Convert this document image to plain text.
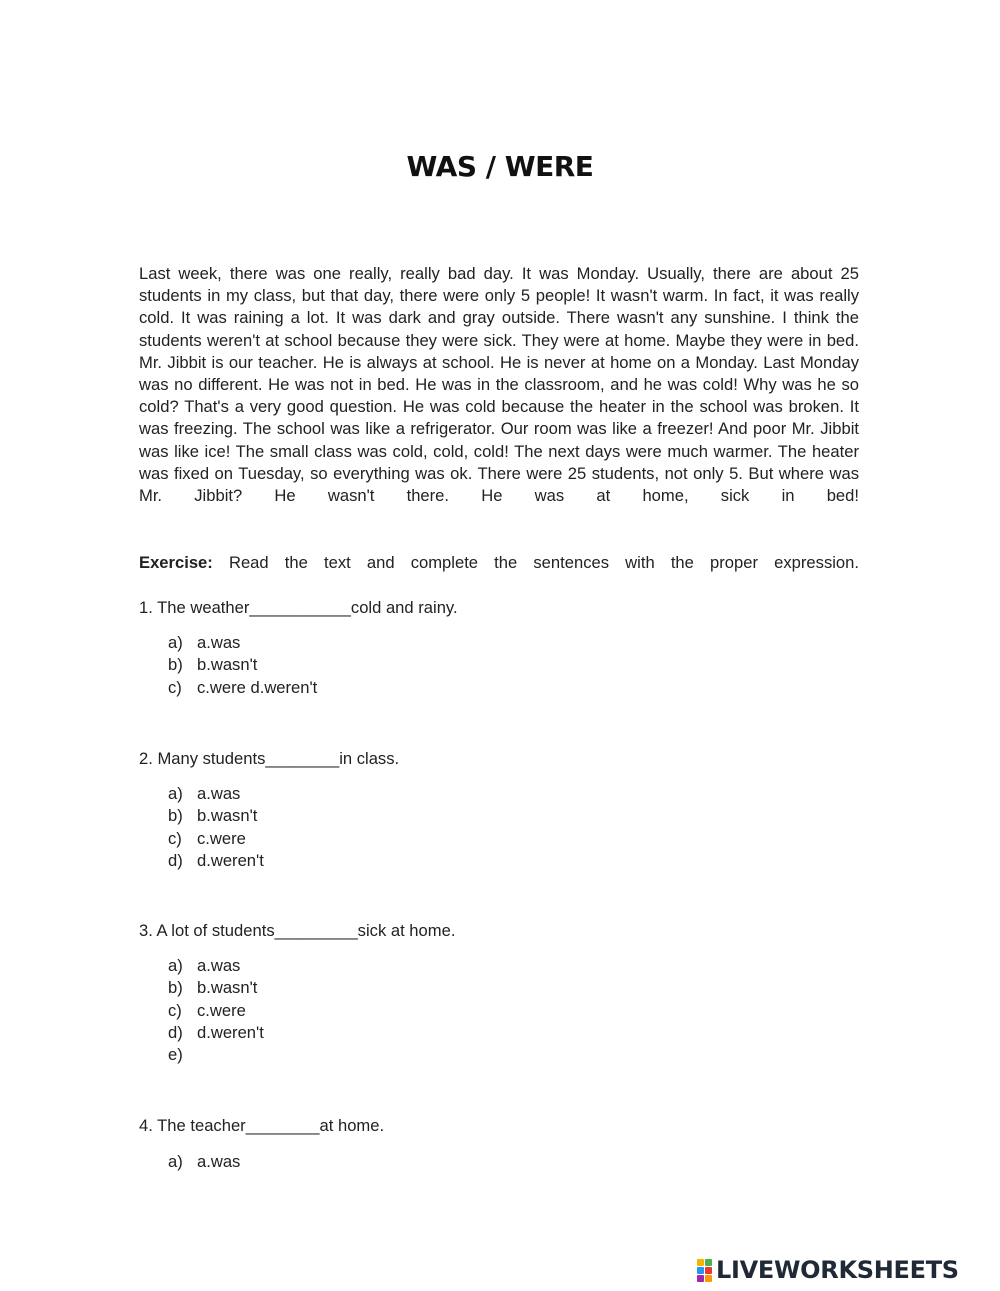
WAS / WERE

Last week, there was one really, really bad day. It was Monday. Usually, there are about 25 students in my class, but that day, there were only 5 people! It wasn't warm. In fact, it was really cold. It was raining a lot. It was dark and gray outside. There wasn't any sunshine. I think the students weren't at school because they were sick. They were at home. Maybe they were in bed. Mr. Jibbit is our teacher. He is always at school. He is never at home on a Monday. Last Monday was no different. He was not in bed. He was in the classroom, and he was cold! Why was he so cold? That's a very good question. He was cold because the heater in the school was broken. It was freezing. The school was like a refrigerator. Our room was like a freezer! And poor Mr. Jibbit was like ice! The small class was cold, cold, cold! The next days were much warmer. The heater was fixed on Tuesday, so everything was ok. There were 25 students, not only 5. But where was Mr. Jibbit? He wasn't there. He was at home, sick in bed!

Exercise: Read the text and complete the sentences with the proper expression.

1. The weather___________cold and rainy.

a) a.was
b) b.wasn't
c) c.were d.weren't

2. Many students________in class.

a) a.was
b) b.wasn't
c) c.were
d) d.weren't

3. A lot of students_________sick at home.

a) a.was
b) b.wasn't
c) c.were
d) d.weren't
e)

4. The teacher________at home.

a) a.was
LIVEWORKSHEETS
